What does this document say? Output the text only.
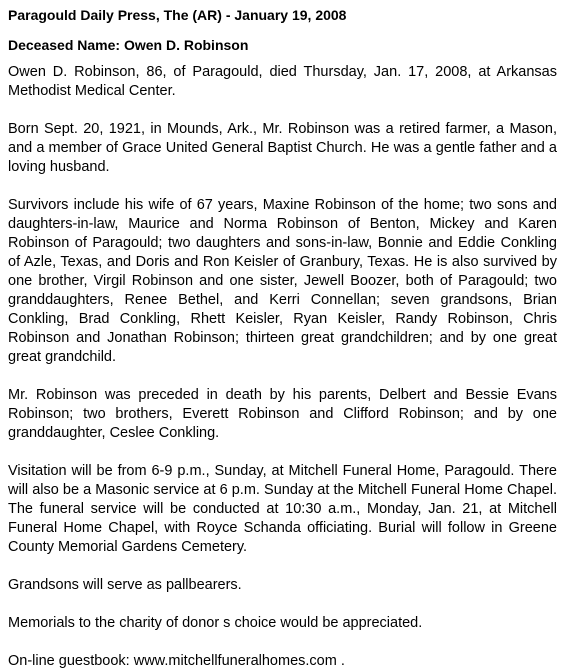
Paragould Daily Press, The (AR) - January 19, 2008
Deceased Name: Owen D. Robinson

Owen D. Robinson, 86, of Paragould, died Thursday, Jan. 17, 2008, at Arkansas Methodist Medical Center.

Born Sept. 20, 1921, in Mounds, Ark., Mr. Robinson was a retired farmer, a Mason, and a member of Grace United General Baptist Church. He was a gentle father and a loving husband.

Survivors include his wife of 67 years, Maxine Robinson of the home; two sons and daughters-in-law, Maurice and Norma Robinson of Benton, Mickey and Karen Robinson of Paragould; two daughters and sons-in-law, Bonnie and Eddie Conkling of Azle, Texas, and Doris and Ron Keisler of Granbury, Texas. He is also survived by one brother, Virgil Robinson and one sister, Jewell Boozer, both of Paragould; two granddaughters, Renee Bethel, and Kerri Connellan; seven grandsons, Brian Conkling, Brad Conkling, Rhett Keisler, Ryan Keisler, Randy Robinson, Chris Robinson and Jonathan Robinson; thirteen great grandchildren; and by one great great grandchild.

Mr. Robinson was preceded in death by his parents, Delbert and Bessie Evans Robinson; two brothers, Everett Robinson and Clifford Robinson; and by one granddaughter, Ceslee Conkling.

Visitation will be from 6-9 p.m., Sunday, at Mitchell Funeral Home, Paragould. There will also be a Masonic service at 6 p.m. Sunday at the Mitchell Funeral Home Chapel. The funeral service will be conducted at 10:30 a.m., Monday, Jan. 21, at Mitchell Funeral Home Chapel, with Royce Schanda officiating. Burial will follow in Greene County Memorial Gardens Cemetery.

Grandsons will serve as pallbearers.

Memorials to the charity of donor s choice would be appreciated.

On-line guestbook: www.mitchellfuneralhomes.com .
